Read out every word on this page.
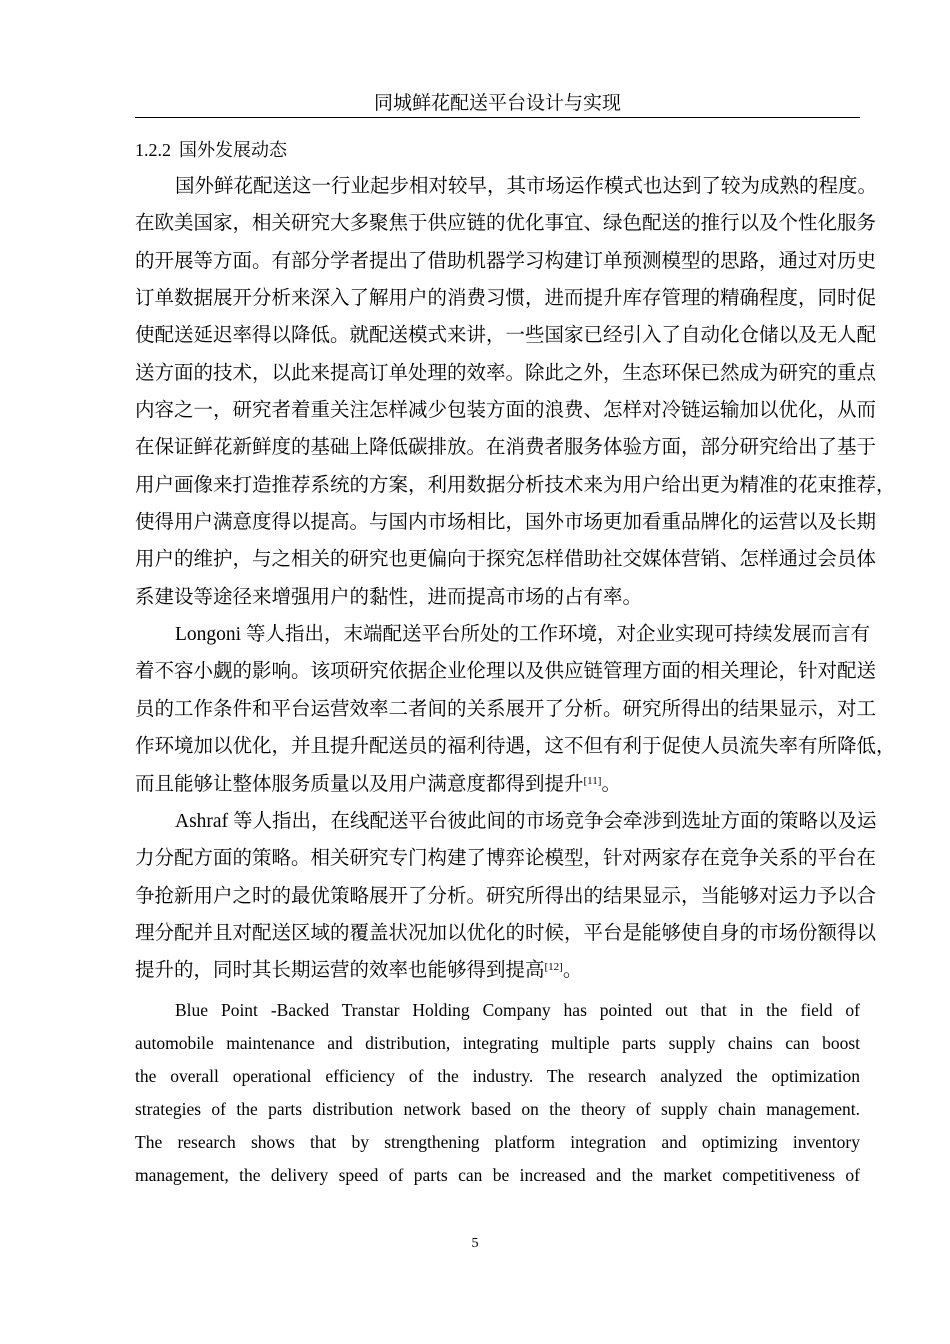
同城鲜花配送平台设计与实现
1.2.2 国外发展动态
国外鲜花配送这一行业起步相对较早，其市场运作模式也达到了较为成熟的程度。
在欧美国家，相关研究大多聚焦于供应链的优化事宜、绿色配送的推行以及个性化服务
的开展等方面。有部分学者提出了借助机器学习构建订单预测模型的思路，通过对历史
订单数据展开分析来深入了解用户的消费习惯，进而提升库存管理的精确程度，同时促
使配送延迟率得以降低。就配送模式来讲，一些国家已经引入了自动化仓储以及无人配
送方面的技术，以此来提高订单处理的效率。除此之外，生态环保已然成为研究的重点
内容之一，研究者着重关注怎样减少包装方面的浪费、怎样对冷链运输加以优化，从而
在保证鲜花新鲜度的基础上降低碳排放。在消费者服务体验方面，部分研究给出了基于
用户画像来打造推荐系统的方案，利用数据分析技术来为用户给出更为精准的花束推荐，
使得用户满意度得以提高。与国内市场相比，国外市场更加看重品牌化的运营以及长期
用户的维护，与之相关的研究也更偏向于探究怎样借助社交媒体营销、怎样通过会员体
系建设等途径来增强用户的黏性，进而提高市场的占有率。
Longoni 等人指出，末端配送平台所处的工作环境，对企业实现可持续发展而言有
着不容小觑的影响。该项研究依据企业伦理以及供应链管理方面的相关理论，针对配送
员的工作条件和平台运营效率二者间的关系展开了分析。研究所得出的结果显示，对工
作环境加以优化，并且提升配送员的福利待遇，这不但有利于促使人员流失率有所降低，
而且能够让整体服务质量以及用户满意度都得到提升[11]。
Ashraf 等人指出，在线配送平台彼此间的市场竞争会牵涉到选址方面的策略以及运
力分配方面的策略。相关研究专门构建了博弈论模型，针对两家存在竞争关系的平台在
争抢新用户之时的最优策略展开了分析。研究所得出的结果显示，当能够对运力予以合
理分配并且对配送区域的覆盖状况加以优化的时候，平台是能够使自身的市场份额得以
提升的，同时其长期运营的效率也能够得到提高[12]。
Blue Point -Backed Transtar Holding Company has pointed out that in the field of
automobile maintenance and distribution, integrating multiple parts supply chains can boost
the overall operational efficiency of the industry. The research analyzed the optimization
strategies of the parts distribution network based on the theory of supply chain management.
The research shows that by strengthening platform integration and optimizing inventory
management, the delivery speed of parts can be increased and the market competitiveness of
5
